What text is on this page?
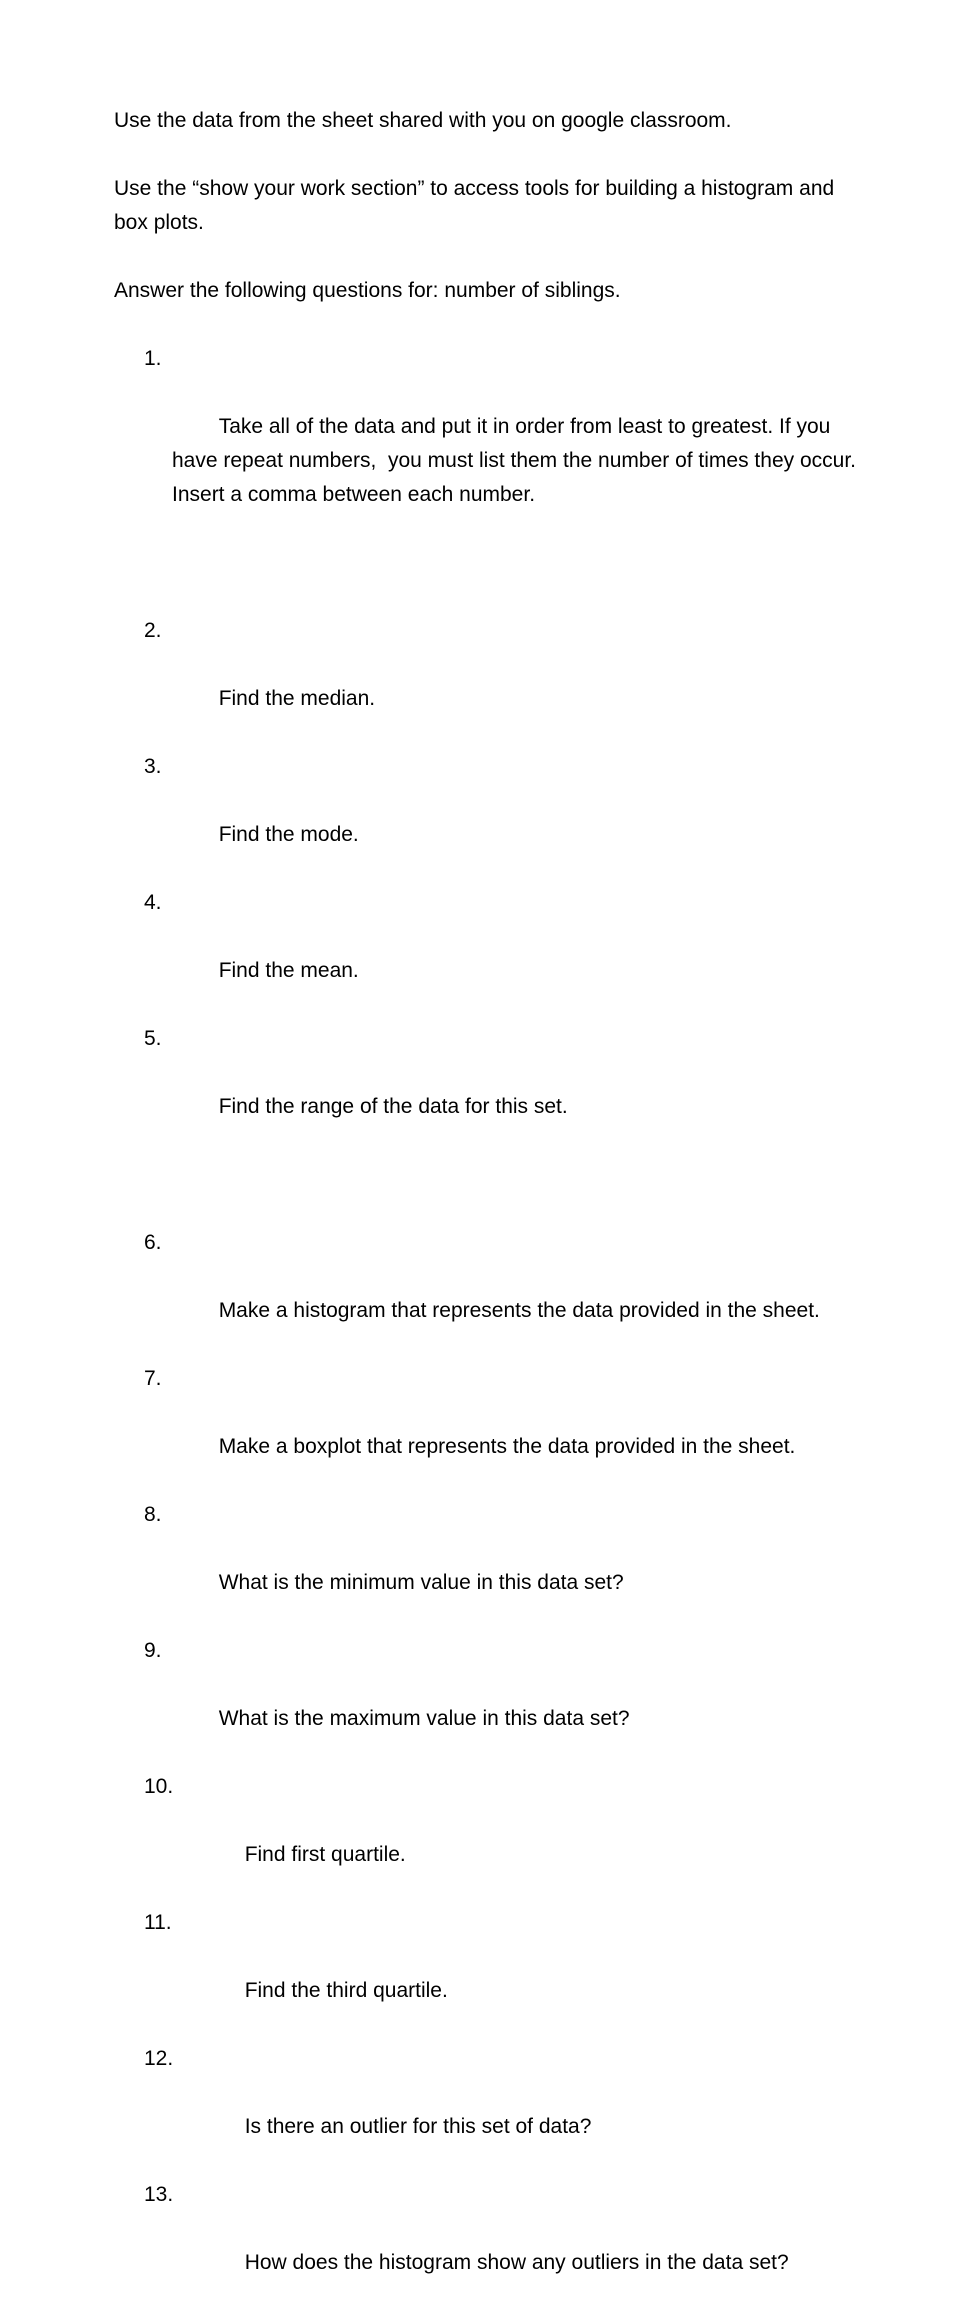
Use the data from the sheet shared with you on google classroom.

Use the “show your work section” to access tools for building a histogram and box plots.

Answer the following questions for: number of siblings.

1.

Take all of the data and put it in order from least to greatest. If you have repeat numbers,  you must list them the number of times they occur. Insert a comma between each number.

2.

Find the median.

3.

Find the mode.

4.

Find the mean.

5.

Find the range of the data for this set.

6.

Make a histogram that represents the data provided in the sheet.

7.

Make a boxplot that represents the data provided in the sheet.

8.

What is the minimum value in this data set?

9.

What is the maximum value in this data set?

10.

Find first quartile.

11.

Find the third quartile.

12.

Is there an outlier for this set of data?

13.

How does the histogram show any outliers in the data set?
